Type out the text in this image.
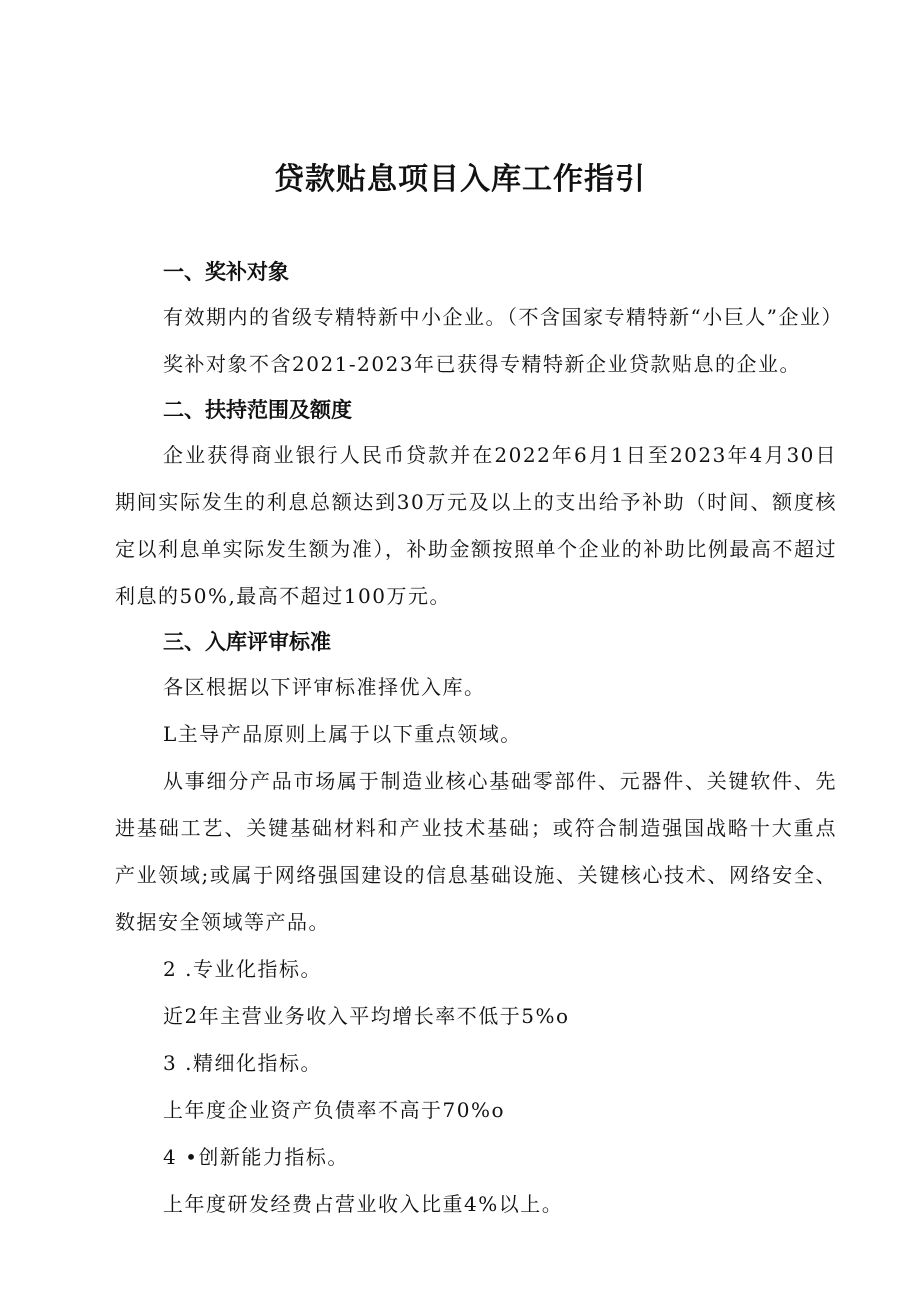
贷款贴息项目入库工作指引
一、奖补对象

有效期内的省级专精特新中小企业。（不含国家专精特新“小巨人”企业）

奖补对象不含2021-2023年已获得专精特新企业贷款贴息的企业。

二、扶持范围及额度

企业获得商业银行人民币贷款并在2022年6月1日至2023年4月30日期间实际发生的利息总额达到30万元及以上的支出给予补助（时间、额度核定以利息单实际发生额为准），补助金额按照单个企业的补助比例最高不超过利息的50%,最高不超过100万元。

三、入库评审标准

各区根据以下评审标准择优入库。

L主导产品原则上属于以下重点领域。

从事细分产品市场属于制造业核心基础零部件、元器件、关键软件、先进基础工艺、关键基础材料和产业技术基础；或符合制造强国战略十大重点产业领域;或属于网络强国建设的信息基础设施、关键核心技术、网络安全、数据安全领域等产品。

2 .专业化指标。

近2年主营业务收入平均增长率不低于5%o

3 .精细化指标。

上年度企业资产负债率不高于70%o

4 •创新能力指标。

上年度研发经费占营业收入比重4%以上。
